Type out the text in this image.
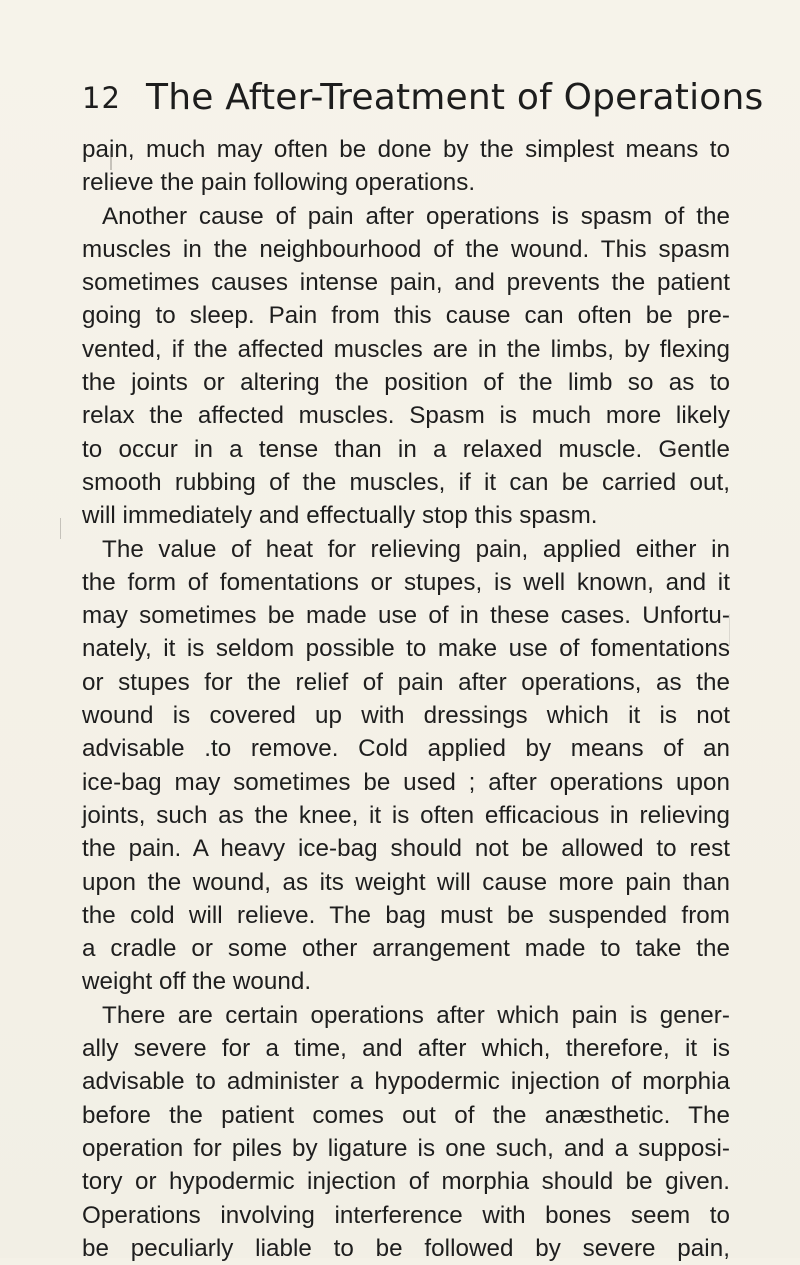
12 The After-Treatment of Operations
pain, much may often be done by the simplest means to
relieve the pain following operations.
Another cause of pain after operations is spasm of the
muscles in the neighbourhood of the wound. This spasm
sometimes causes intense pain, and prevents the patient
going to sleep. Pain from this cause can often be pre-
vented, if the affected muscles are in the limbs, by flexing
the joints or altering the position of the limb so as to
relax the affected muscles. Spasm is much more likely
to occur in a tense than in a relaxed muscle. Gentle
smooth rubbing of the muscles, if it can be carried out,
will immediately and effectually stop this spasm.
The value of heat for relieving pain, applied either in
the form of fomentations or stupes, is well known, and it
may sometimes be made use of in these cases. Unfortu-
nately, it is seldom possible to make use of fomentations
or stupes for the relief of pain after operations, as the
wound is covered up with dressings which it is not
advisable .to remove. Cold applied by means of an
ice-bag may sometimes be used ; after operations upon
joints, such as the knee, it is often efficacious in relieving
the pain. A heavy ice-bag should not be allowed to rest
upon the wound, as its weight will cause more pain than
the cold will relieve. The bag must be suspended from
a cradle or some other arrangement made to take the
weight off the wound.
There are certain operations after which pain is gener-
ally severe for a time, and after which, therefore, it is
advisable to administer a hypodermic injection of morphia
before the patient comes out of the anæsthetic. The
operation for piles by ligature is one such, and a supposi-
tory or hypodermic injection of morphia should be given.
Operations involving interference with bones seem to
be peculiarly liable to be followed by severe pain,
